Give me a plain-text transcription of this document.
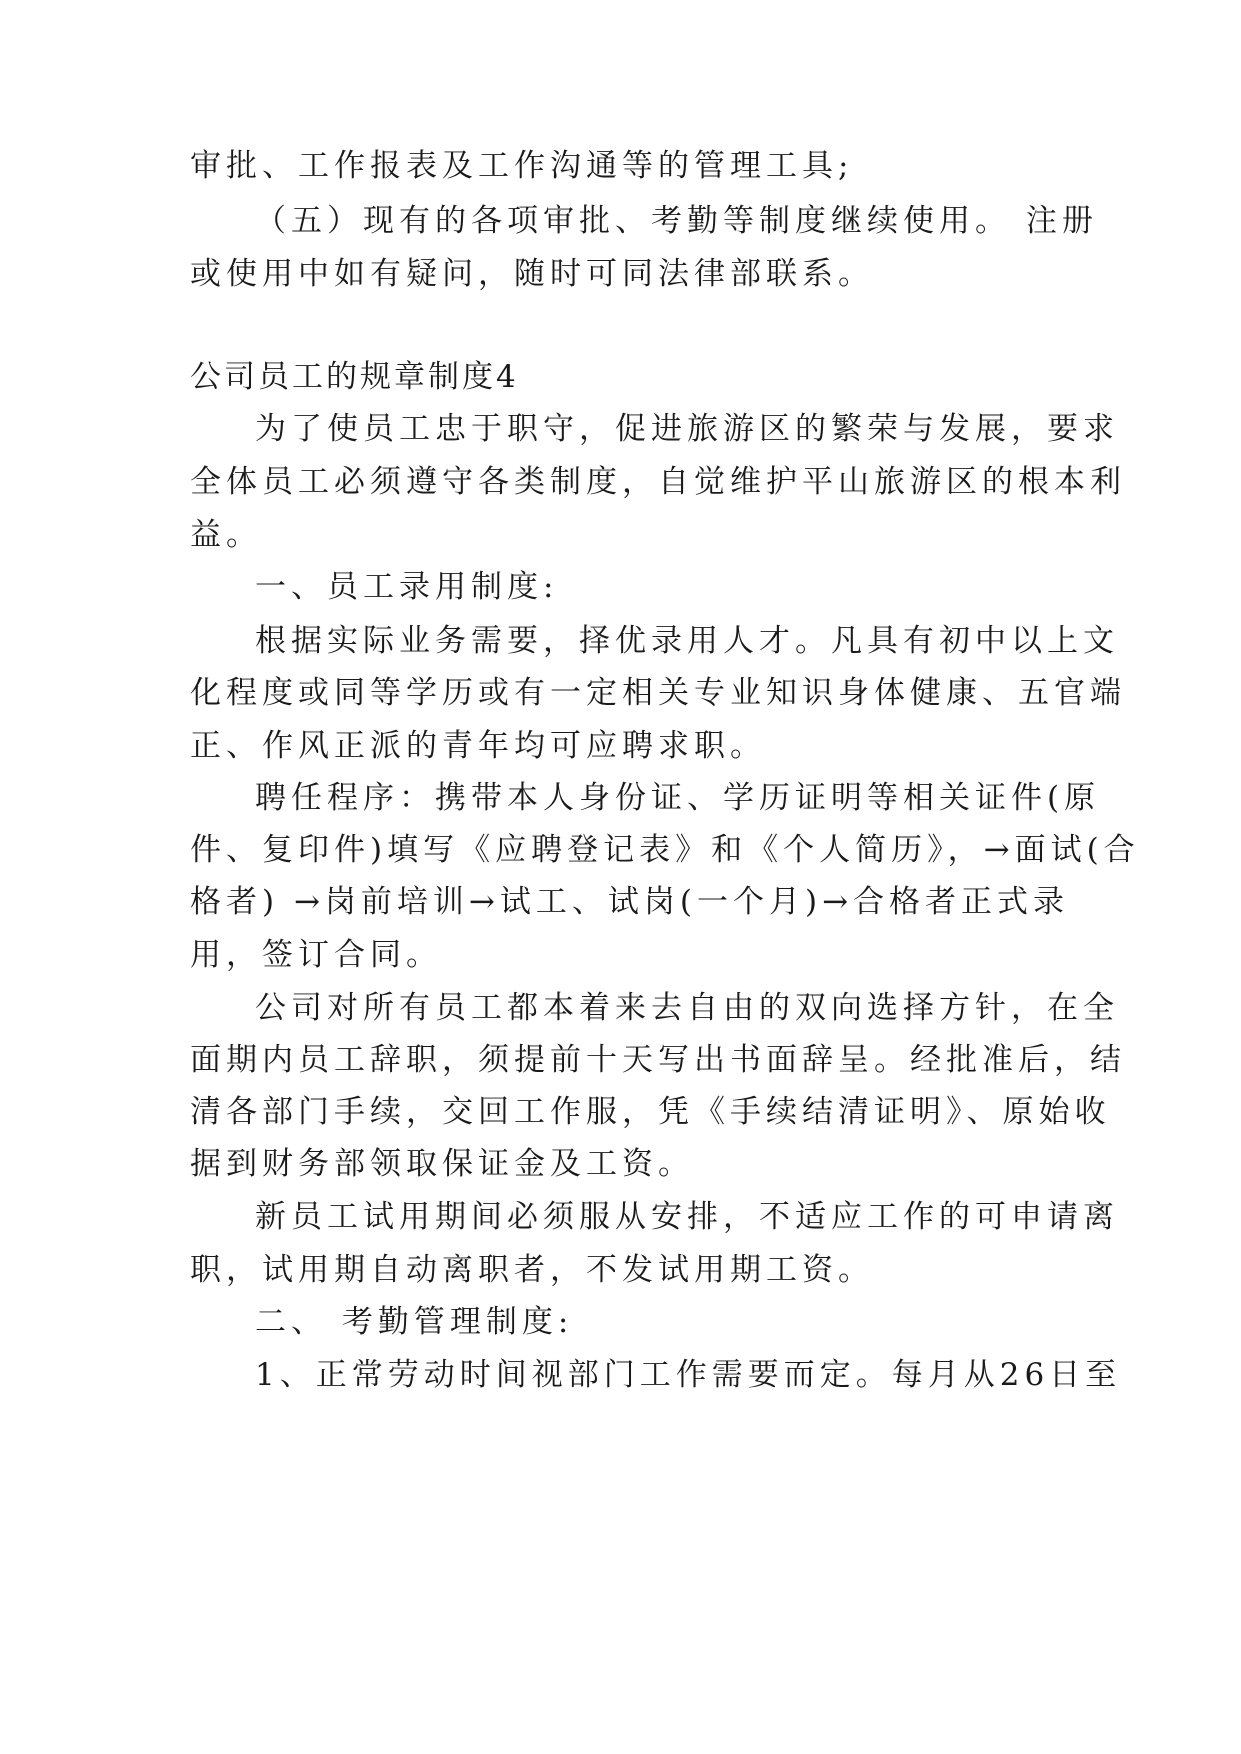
审批、工作报表及工作沟通等的管理工具;
（五）现有的各项审批、考勤等制度继续使用。 注册
或使用中如有疑问，随时可同法律部联系。
公司员工的规章制度4
为了使员工忠于职守，促进旅游区的繁荣与发展，要求
全体员工必须遵守各类制度，自觉维护平山旅游区的根本利
益。
一、员工录用制度:
根据实际业务需要，择优录用人才。凡具有初中以上文
化程度或同等学历或有一定相关专业知识身体健康、五官端
正、作风正派的青年均可应聘求职。
聘任程序：携带本人身份证、学历证明等相关证件(原
件、复印件)填写《应聘登记表》和《个人简历》，→面试(合
格者) →岗前培训→试工、试岗(一个月)→合格者正式录
用，签订合同。
公司对所有员工都本着来去自由的双向选择方针，在全
面期内员工辞职，须提前十天写出书面辞呈。经批准后，结
清各部门手续，交回工作服，凭《手续结清证明》、原始收
据到财务部领取保证金及工资。
新员工试用期间必须服从安排，不适应工作的可申请离
职，试用期自动离职者，不发试用期工资。
二、 考勤管理制度:
1、正常劳动时间视部门工作需要而定。每月从26日至
